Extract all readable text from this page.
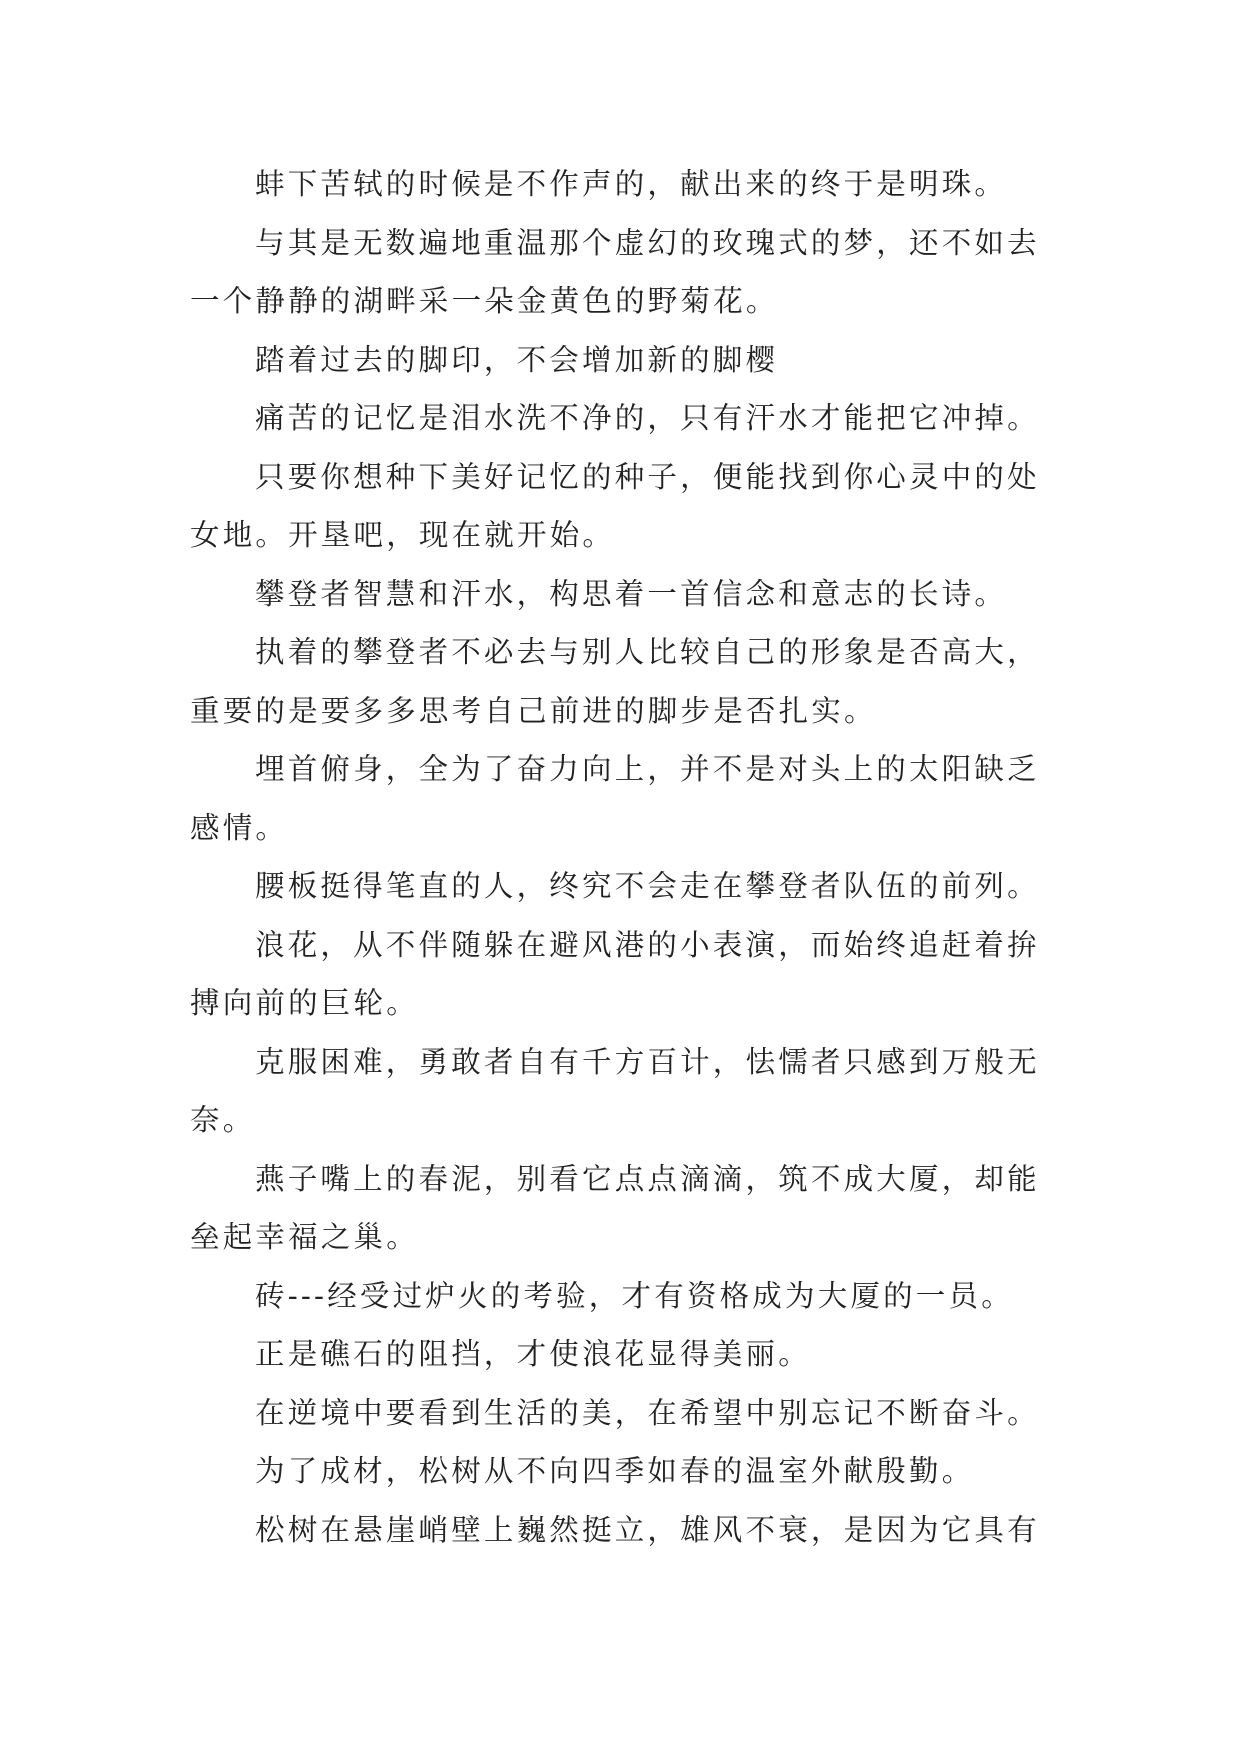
蚌下苦轼的时候是不作声的，献出来的终于是明珠。

与其是无数遍地重温那个虚幻的玫瑰式的梦，还不如去一个静静的湖畔采一朵金黄色的野菊花。

踏着过去的脚印，不会增加新的脚樱

痛苦的记忆是泪水洗不净的，只有汗水才能把它冲掉。

只要你想种下美好记忆的种子，便能找到你心灵中的处女地。开垦吧，现在就开始。

攀登者智慧和汗水，构思着一首信念和意志的长诗。

执着的攀登者不必去与别人比较自己的形象是否高大，重要的是要多多思考自己前进的脚步是否扎实。

埋首俯身，全为了奋力向上，并不是对头上的太阳缺乏感情。

腰板挺得笔直的人，终究不会走在攀登者队伍的前列。

浪花，从不伴随躲在避风港的小表演，而始终追赶着拚搏向前的巨轮。

克服困难，勇敢者自有千方百计，怯懦者只感到万般无奈。

燕子嘴上的春泥，别看它点点滴滴，筑不成大厦，却能垒起幸福之巢。

砖---经受过炉火的考验，才有资格成为大厦的一员。

正是礁石的阻挡，才使浪花显得美丽。

在逆境中要看到生活的美，在希望中别忘记不断奋斗。

为了成材，松树从不向四季如春的温室外献殷勤。

松树在悬崖峭壁上巍然挺立，雄风不衰，是因为它具有
